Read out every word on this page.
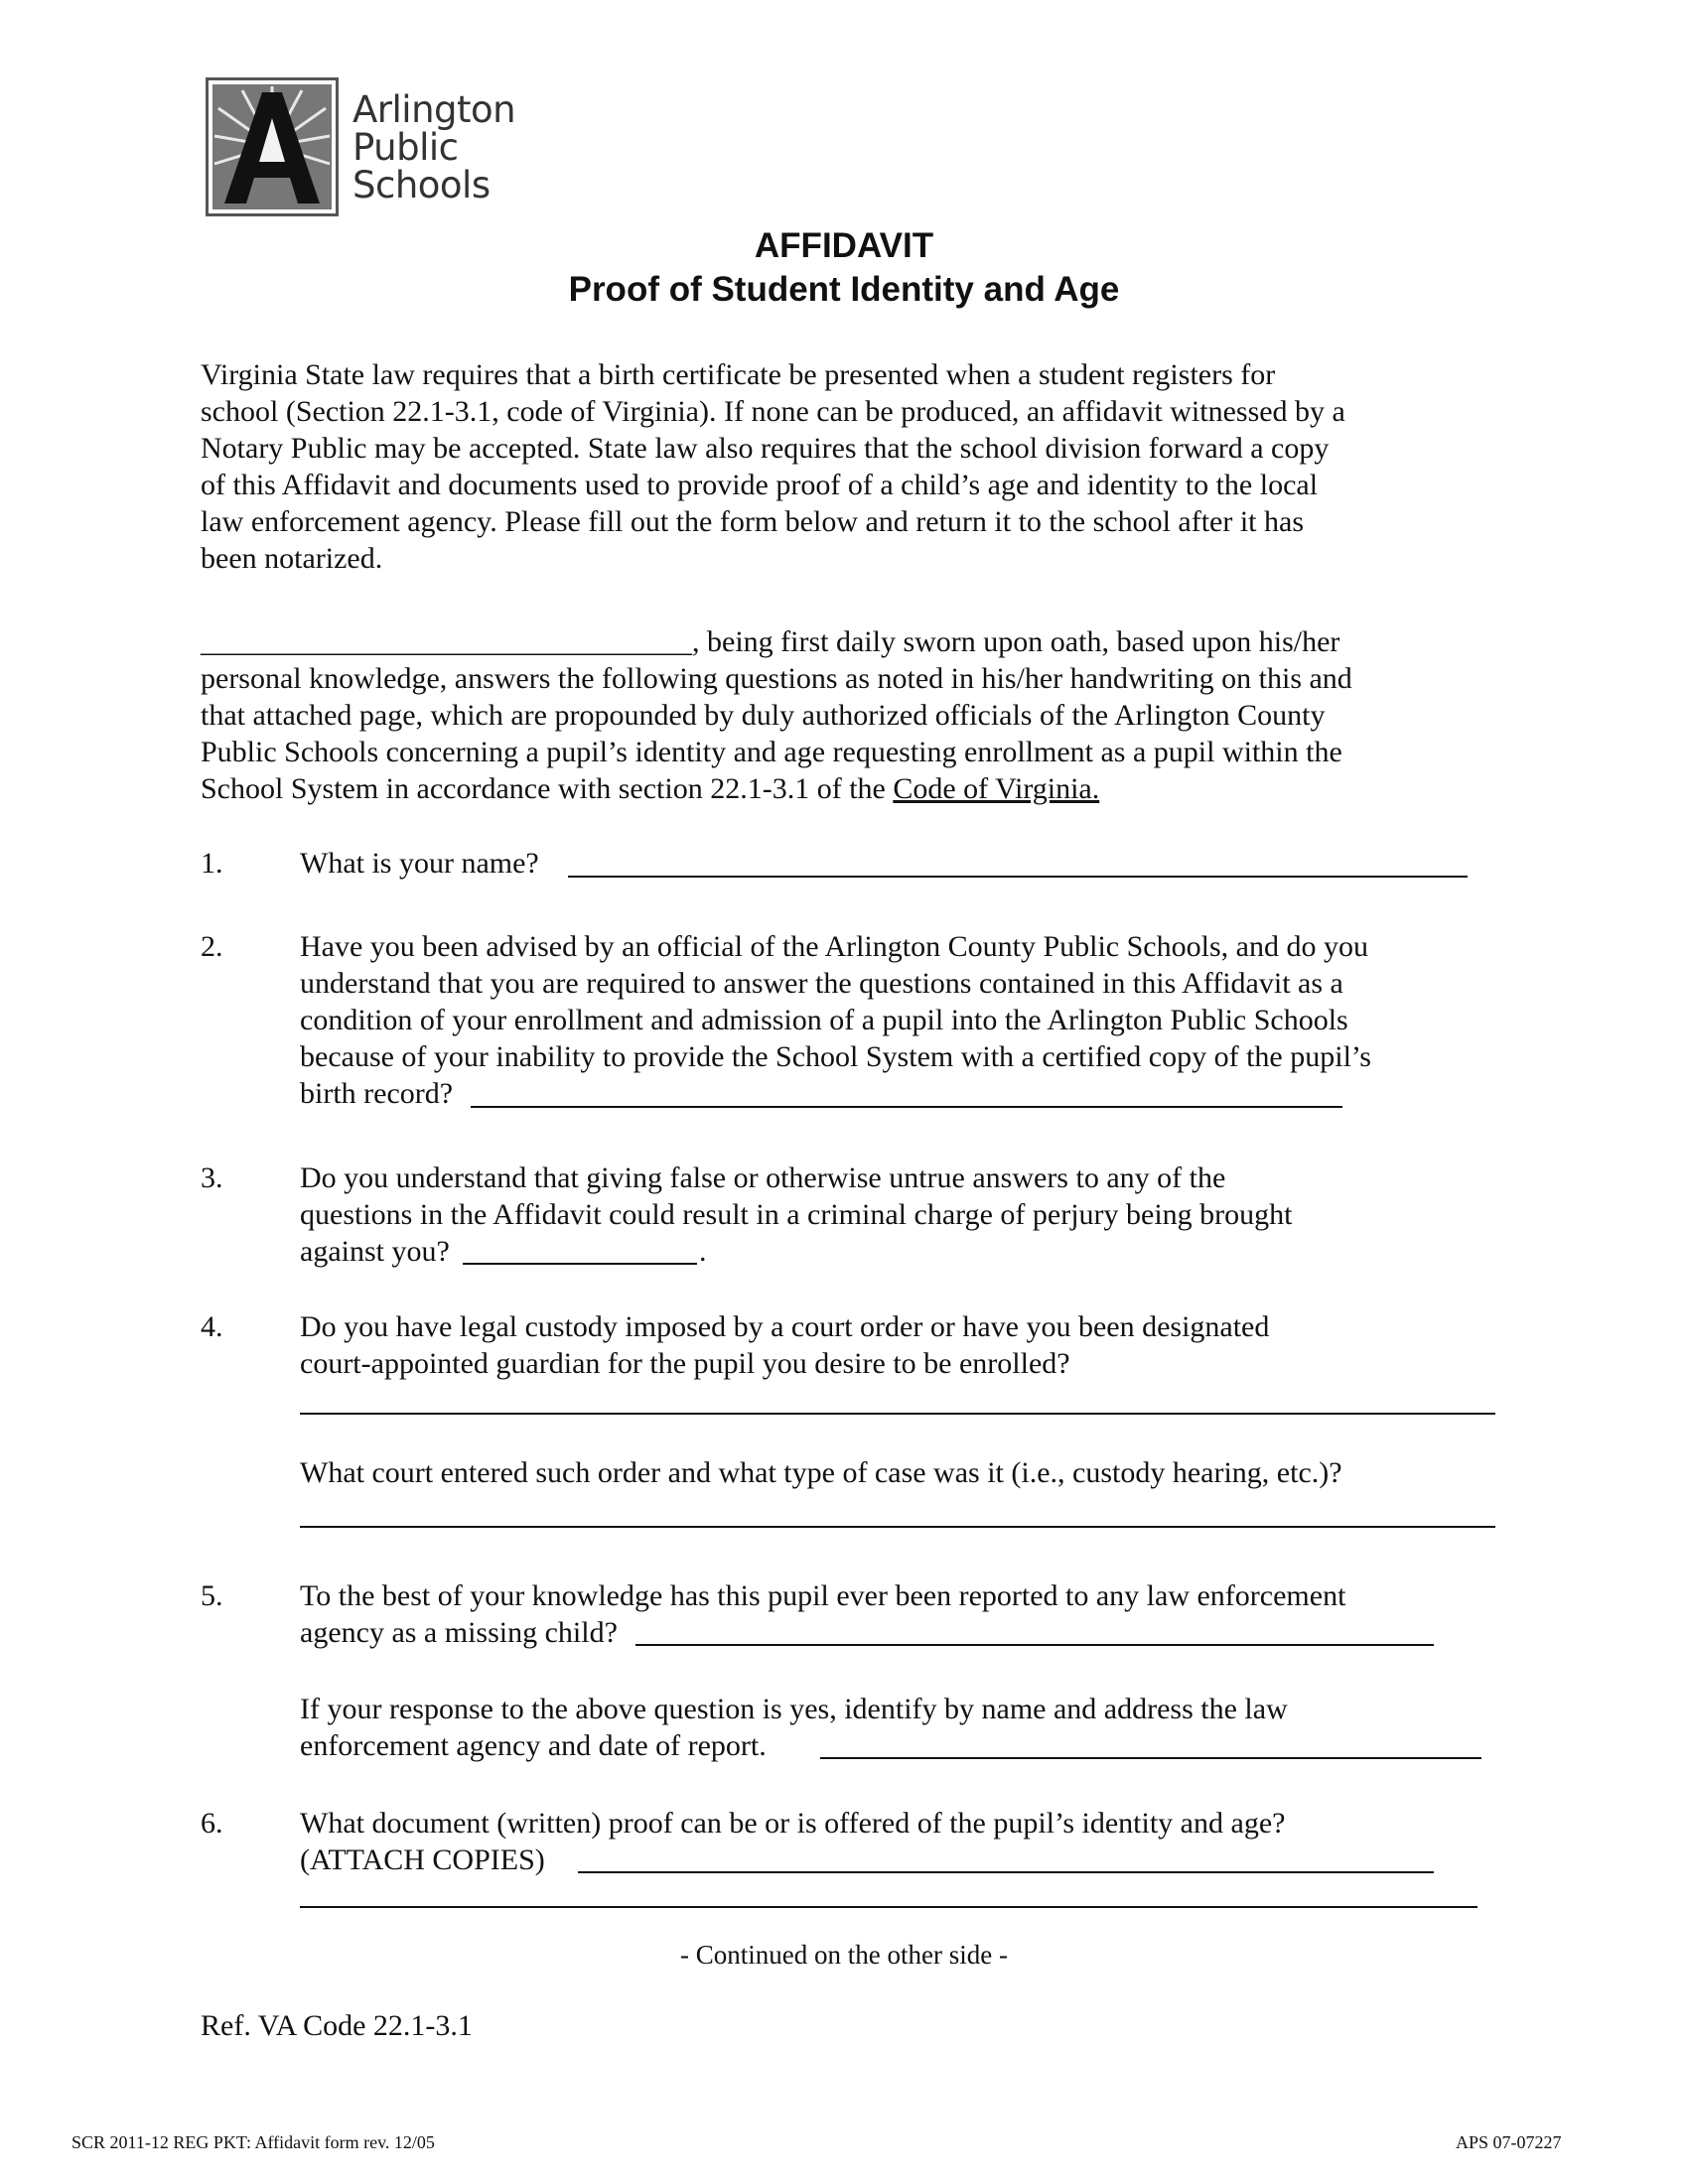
Arlington
Public
Schools
AFFIDAVIT
Proof of Student Identity and Age
Virginia State law requires that a birth certificate be presented when a student registers for
school (Section 22.1-3.1, code of Virginia). If none can be produced, an affidavit witnessed by a
Notary Public may be accepted. State law also requires that the school division forward a copy
of this Affidavit and documents used to provide proof of a child’s age and identity to the local
law enforcement agency. Please fill out the form below and return it to the school after it has
been notarized.
_________________________________, being first daily sworn upon oath, based upon his/her
personal knowledge, answers the following questions as noted in his/her handwriting on this and
that attached page, which are propounded by duly authorized officials of the Arlington County
Public Schools concerning a pupil’s identity and age requesting enrollment as a pupil within the
School System in accordance with section 22.1-3.1 of the Code of Virginia.
1.	What is your name?
2.	Have you been advised by an official of the Arlington County Public Schools, and do you
understand that you are required to answer the questions contained in this Affidavit as a
condition of your enrollment and admission of a pupil into the Arlington Public Schools
because of your inability to provide the School System with a certified copy of the pupil’s
birth record?
3.	Do you understand that giving false or otherwise untrue answers to any of the
questions in the Affidavit could result in a criminal charge of perjury being brought
against you?	.
4.	Do you have legal custody imposed by a court order or have you been designated
court-appointed guardian for the pupil you desire to be enrolled?
What court entered such order and what type of case was it (i.e., custody hearing, etc.)?
5.	To the best of your knowledge has this pupil ever been reported to any law enforcement
agency as a missing child?
If your response to the above question is yes, identify by name and address the law
enforcement agency and date of report.
6.	What document (written) proof can be or is offered of the pupil’s identity and age?
(ATTACH COPIES)
- Continued on the other side -
Ref. VA Code 22.1-3.1
SCR 2011-12 REG PKT: Affidavit form rev. 12/05	APS 07-07227
